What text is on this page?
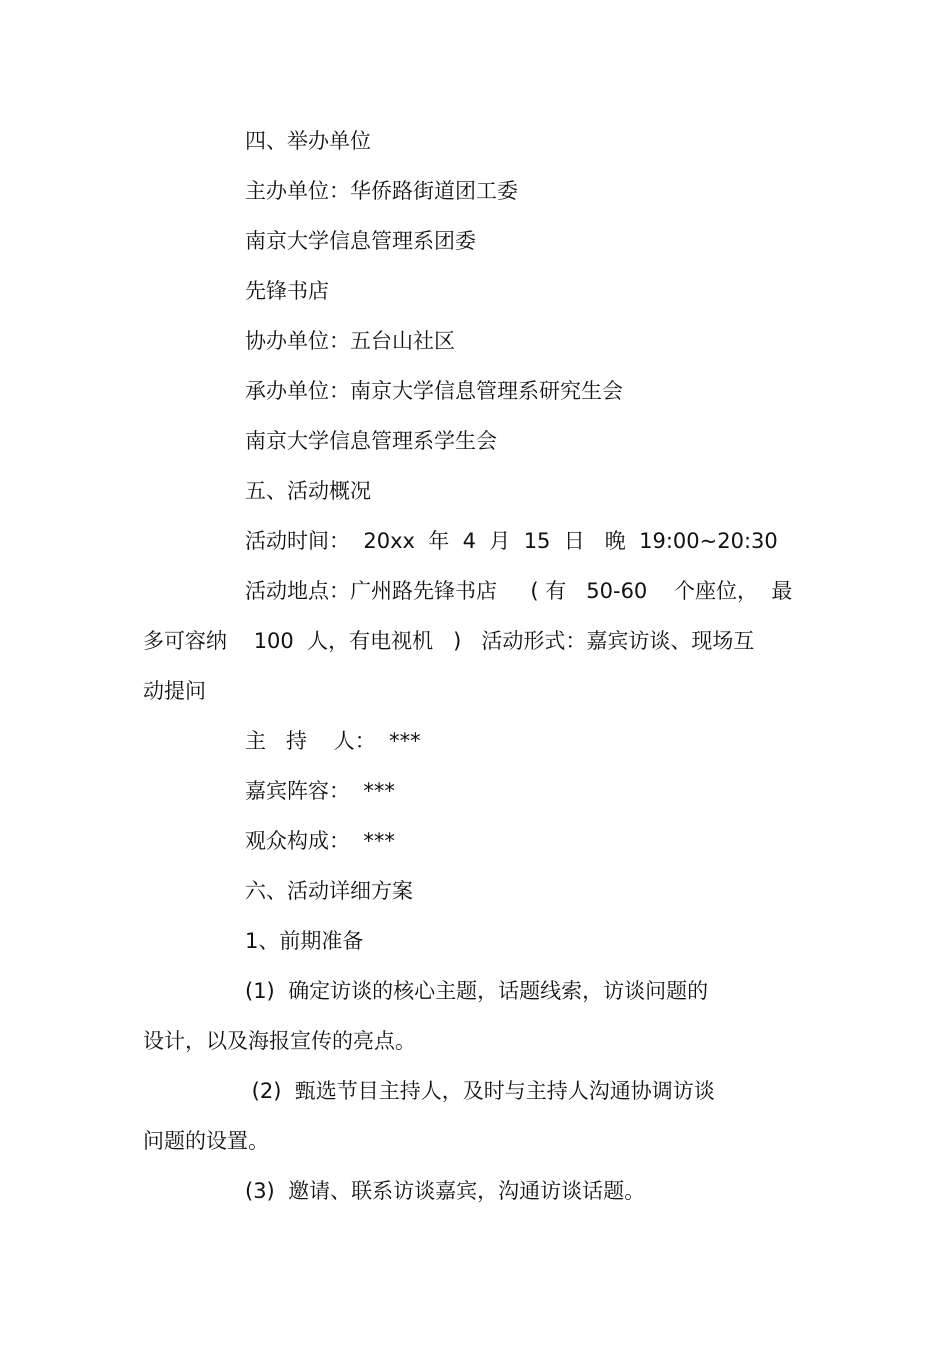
四、举办单位

主办单位：华侨路街道团工委

南京大学信息管理系团委

先锋书店

协办单位：五台山社区

承办单位：南京大学信息管理系研究生会

南京大学信息管理系学生会

五、活动概况

活动时间：  20xx  年  4  月  15  日   晚  19:00~20:30

活动地点：广州路先锋书店     ( 有   50-60    个座位，  最

多可容纳    100  人，有电视机   )   活动形式：嘉宾访谈、现场互

动提问

主   持    人：  ***

嘉宾阵容：  ***

观众构成：  ***

六、活动详细方案

1、前期准备

(1)  确定访谈的核心主题，话题线索，访谈问题的

设计，以及海报宣传的亮点。

(2)  甄选节目主持人，及时与主持人沟通协调访谈

问题的设置。

(3)  邀请、联系访谈嘉宾，沟通访谈话题。
